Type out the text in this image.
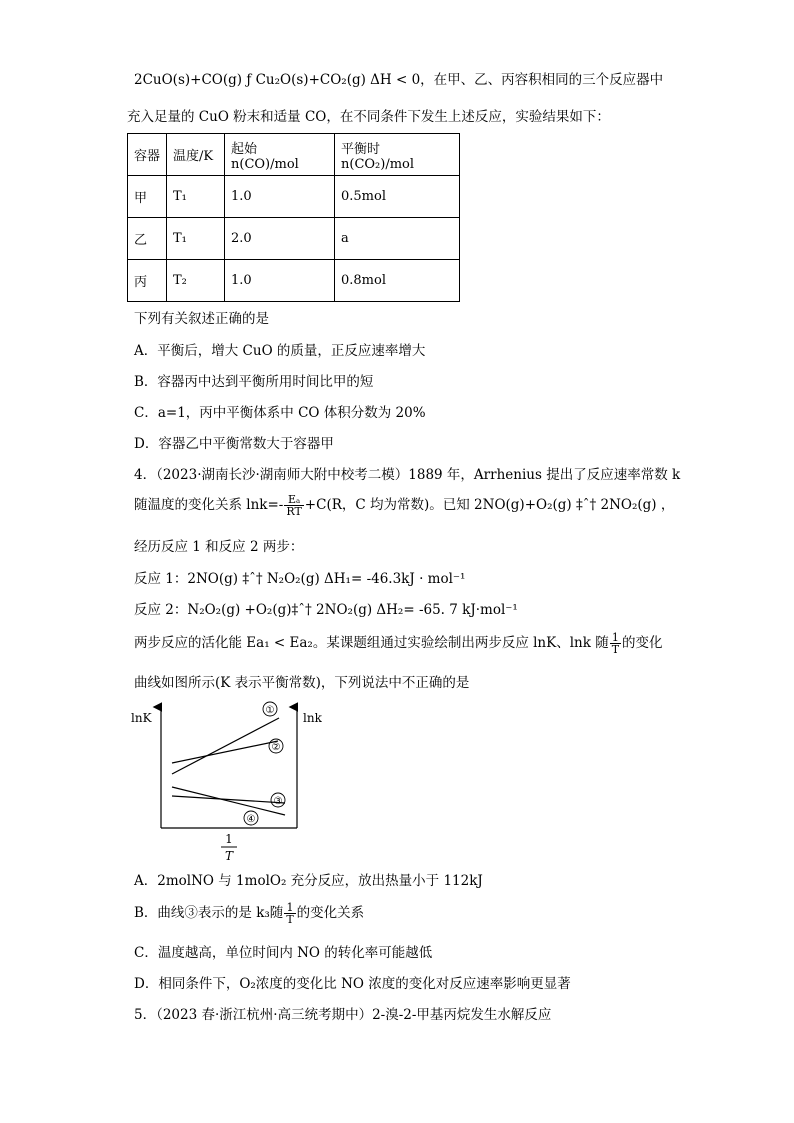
2CuO(s)+CO(g) ƒ Cu₂O(s)+CO₂(g) ΔH < 0，在甲、乙、丙容积相同的三个反应器中
充入足量的 CuO 粉末和适量 CO，在不同条件下发生上述反应，实验结果如下：
容器	温度/K	起始 n(CO)/mol	平衡时 n(CO₂)/mol
甲	T₁	1.0	0.5mol
乙	T₁	2.0	a
丙	T₂	1.0	0.8mol
下列有关叙述正确的是
A．平衡后，增大 CuO 的质量，正反应速率增大
B．容器丙中达到平衡所用时间比甲的短
C．a=1，丙中平衡体系中 CO 体积分数为 20%
D．容器乙中平衡常数大于容器甲
4．（2023·湖南长沙·湖南师大附中校考二模）1889 年，Arrhenius 提出了反应速率常数 k
随温度的变化关系 $\ln k=- \frac{\text{Eₐ}}{RT} +C(R$，C 均为常数)。已知 2NO(g)+O₂(g) ‡ˆ† 2NO₂(g) ，
经历反应 1 和反应 2 两步：
反应 1：2NO(g) ‡ˆ† N₂O₂(g) ΔH₁= -46.3kJ · mol⁻¹
反应 2：N₂O₂(g) +O₂(g)‡ˆ† 2NO₂(g) ΔH₂= -65. 7 kJ·mol⁻¹
两步反应的活化能 Ea₁ < Ea₂。某课题组通过实验绘制出两步反应 lnK、lnk 随 $\frac{1}{T}$ 的变化
曲线如图所示(K 表示平衡常数)，下列说法中不正确的是
lnK	lnk
①
②
③
④
1
T
A．2molNO 与 1molO₂ 充分反应，放出热量小于 112kJ
B．曲线③表示的是 k₃随 $\frac{1}{T}$ 的变化关系
C．温度越高，单位时间内 NO 的转化率可能越低
D．相同条件下，O₂浓度的变化比 NO 浓度的变化对反应速率影响更显著
5．（2023 春·浙江杭州·高三统考期中）2-溴-2-甲基丙烷发生水解反应
